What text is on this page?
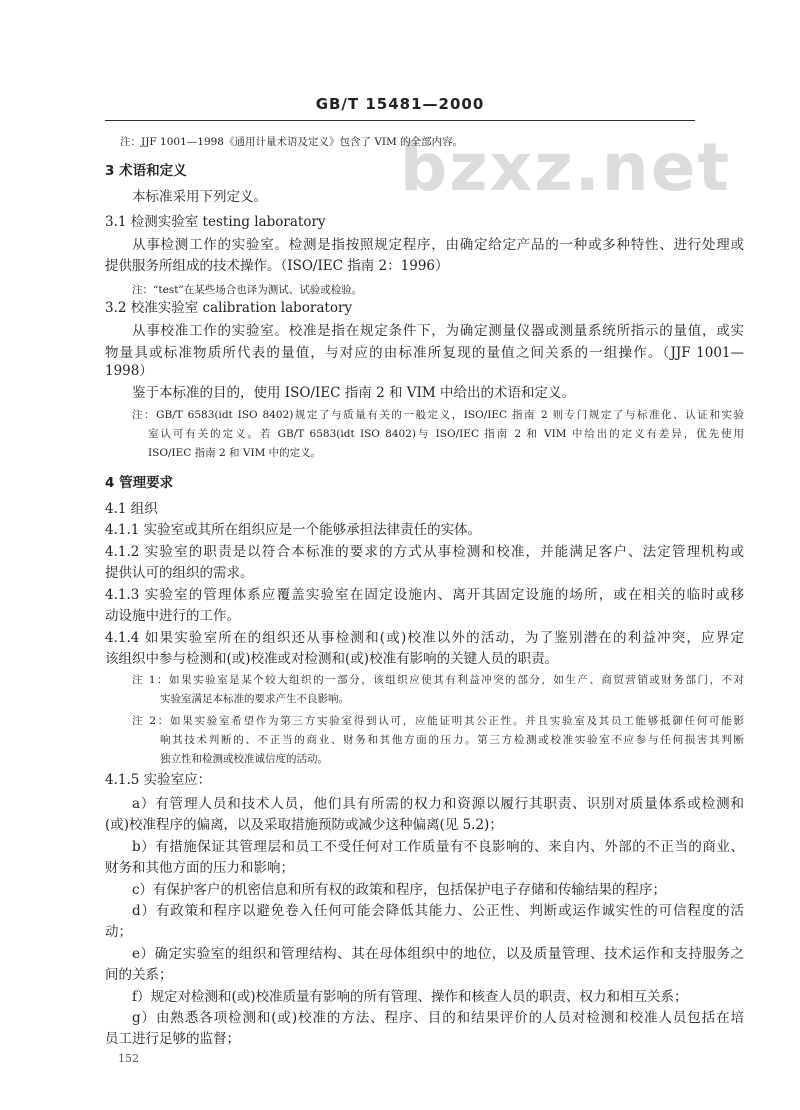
GB/T 15481—2000
bzxz.net
注：JJF 1001—1998《通用计量术语及定义》包含了 VIM 的全部内容。
3 术语和定义
本标准采用下列定义。
3.1 检测实验室 testing laboratory
从事检测工作的实验室。检测是指按照规定程序，由确定给定产品的一种或多种特性、进行处理或
提供服务所组成的技术操作。（ISO/IEC 指南 2：1996）
注：“test”在某些场合也译为测试、试验或检验。
3.2 校准实验室 calibration laboratory
从事校准工作的实验室。校准是指在规定条件下，为确定测量仪器或测量系统所指示的量值，或实
物量具或标准物质所代表的量值，与对应的由标准所复现的量值之间关系的一组操作。（JJF 1001—
1998）
鉴于本标准的目的，使用 ISO/IEC 指南 2 和 VIM 中给出的术语和定义。
注：GB/T 6583(idt ISO 8402)规定了与质量有关的一般定义，ISO/IEC 指南 2 则专门规定了与标准化、认证和实验
室认可有关的定义。若 GB/T 6583(idt ISO 8402)与 ISO/IEC 指南 2 和 VIM 中给出的定义有差异，优先使用
ISO/IEC 指南 2 和 VIM 中的定义。
4 管理要求
4.1 组织
4.1.1 实验室或其所在组织应是一个能够承担法律责任的实体。
4.1.2 实验室的职责是以符合本标准的要求的方式从事检测和校准，并能满足客户、法定管理机构或
提供认可的组织的需求。
4.1.3 实验室的管理体系应覆盖实验室在固定设施内、离开其固定设施的场所，或在相关的临时或移
动设施中进行的工作。
4.1.4 如果实验室所在的组织还从事检测和(或)校准以外的活动，为了鉴别潜在的利益冲突，应界定
该组织中参与检测和(或)校准或对检测和(或)校准有影响的关键人员的职责。
注 1：如果实验室是某个较大组织的一部分，该组织应使其有利益冲突的部分，如生产、商贸营销或财务部门，不对
实验室满足本标准的要求产生不良影响。
注 2：如果实验室希望作为第三方实验室得到认可，应能证明其公正性。并且实验室及其员工能够抵御任何可能影
响其技术判断的、不正当的商业、财务和其他方面的压力。第三方检测或校准实验室不应参与任何损害其判断
独立性和检测或校准诚信度的活动。
4.1.5 实验室应：
a）有管理人员和技术人员，他们具有所需的权力和资源以履行其职责、识别对质量体系或检测和
(或)校准程序的偏离，以及采取措施预防或减少这种偏离(见 5.2)；
b）有措施保证其管理层和员工不受任何对工作质量有不良影响的、来自内、外部的不正当的商业、
财务和其他方面的压力和影响；
c）有保护客户的机密信息和所有权的政策和程序，包括保护电子存储和传输结果的程序；
d）有政策和程序以避免卷入任何可能会降低其能力、公正性、判断或运作诚实性的可信程度的活
动；
e）确定实验室的组织和管理结构、其在母体组织中的地位，以及质量管理、技术运作和支持服务之
间的关系；
f）规定对检测和(或)校准质量有影响的所有管理、操作和核查人员的职责、权力和相互关系；
g）由熟悉各项检测和(或)校准的方法、程序、目的和结果评价的人员对检测和校准人员包括在培
员工进行足够的监督；
152
